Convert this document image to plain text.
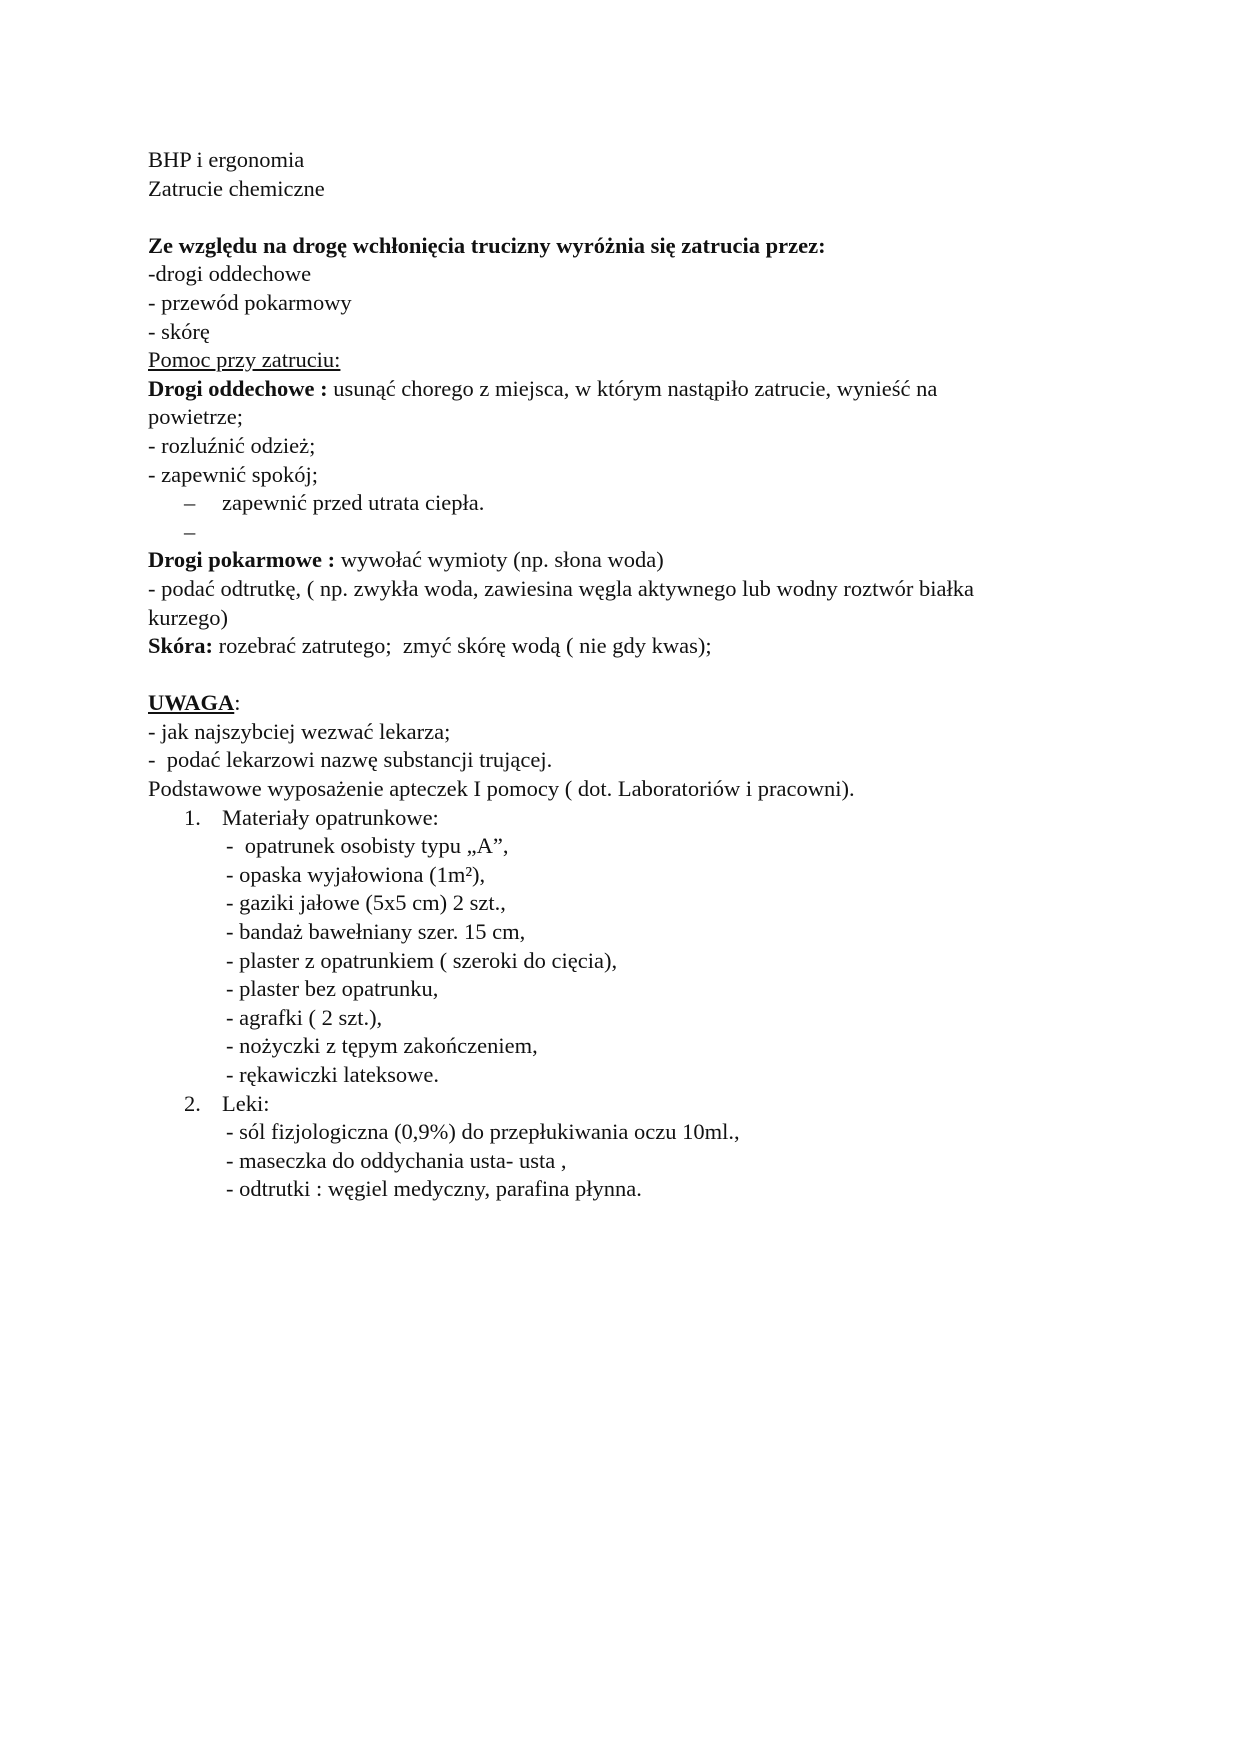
BHP i ergonomia
Zatrucie chemiczne
Ze względu na drogę wchłonięcia trucizny wyróżnia się zatrucia przez:
-drogi oddechowe
- przewód pokarmowy
- skórę
Pomoc przy zatruciu:
Drogi oddechowe : usunąć chorego z miejsca, w którym nastąpiło zatrucie, wynieść na
powietrze;
- rozluźnić odzież;
- zapewnić spokój;
–	zapewnić przed utrata ciepła.
–
Drogi pokarmowe : wywołać wymioty (np. słona woda)
- podać odtrutkę, ( np. zwykła woda, zawiesina węgla aktywnego lub wodny roztwór białka
kurzego)
Skóra: rozebrać zatrutego;  zmyć skórę wodą ( nie gdy kwas);
UWAGA:
- jak najszybciej wezwać lekarza;
-  podać lekarzowi nazwę substancji trującej.
Podstawowe wyposażenie apteczek I pomocy ( dot. Laboratoriów i pracowni).
1. Materiały opatrunkowe:
-  opatrunek osobisty typu „A”,
- opaska wyjałowiona (1m²),
- gaziki jałowe (5x5 cm) 2 szt.,
- bandaż bawełniany szer. 15 cm,
- plaster z opatrunkiem ( szeroki do cięcia),
- plaster bez opatrunku,
- agrafki ( 2 szt.),
- nożyczki z tępym zakończeniem,
- rękawiczki lateksowe.
2. Leki:
- sól fizjologiczna (0,9%) do przepłukiwania oczu 10ml.,
- maseczka do oddychania usta- usta ,
- odtrutki : węgiel medyczny, parafina płynna.
